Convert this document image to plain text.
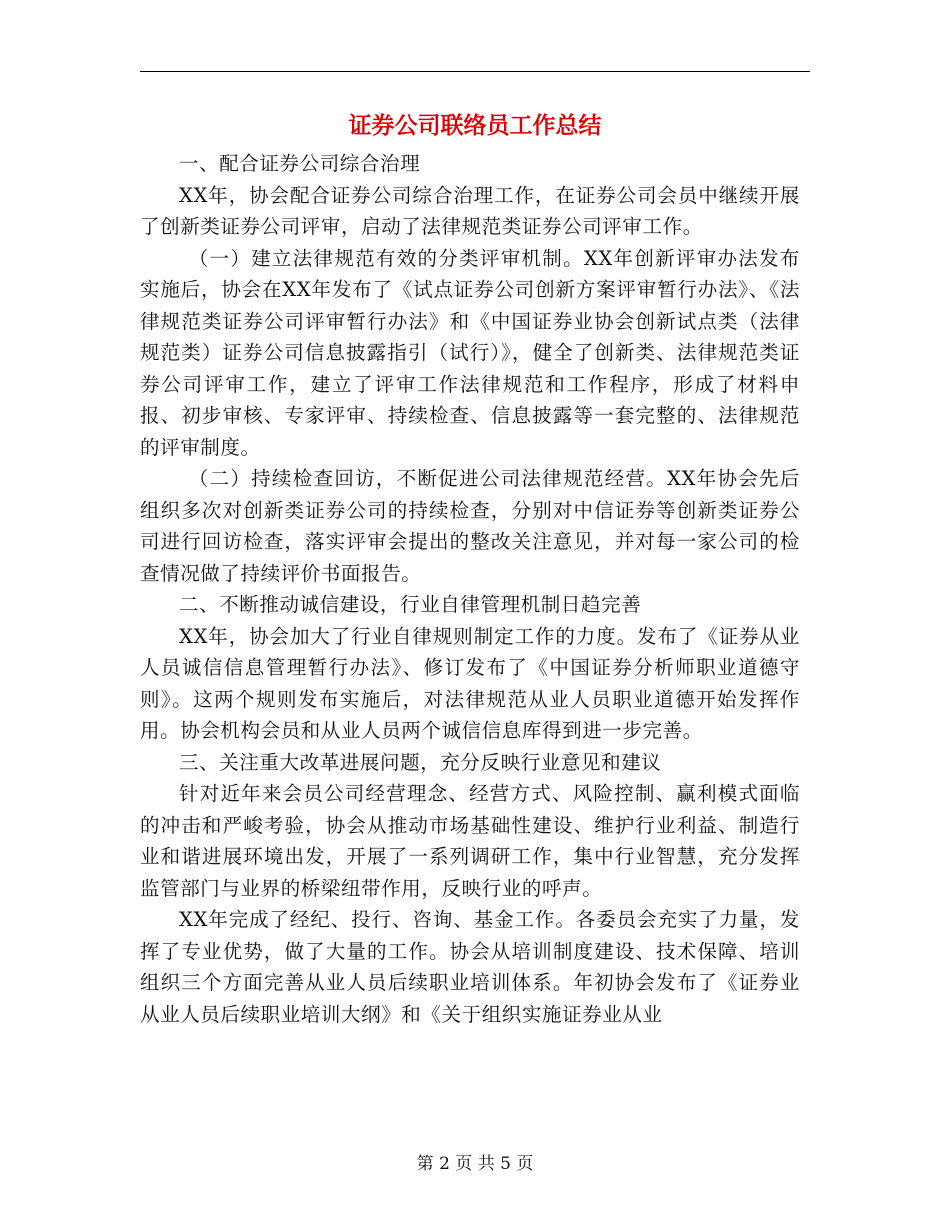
证券公司联络员工作总结

一、配合证券公司综合治理

XX年，协会配合证券公司综合治理工作，在证券公司会员中继续开展了创新类证券公司评审，启动了法律规范类证券公司评审工作。

（一）建立法律规范有效的分类评审机制。XX年创新评审办法发布实施后，协会在XX年发布了《试点证券公司创新方案评审暂行办法》、《法律规范类证券公司评审暂行办法》和《中国证券业协会创新试点类（法律规范类）证券公司信息披露指引（试行）》，健全了创新类、法律规范类证券公司评审工作，建立了评审工作法律规范和工作程序，形成了材料申报、初步审核、专家评审、持续检查、信息披露等一套完整的、法律规范的评审制度。

（二）持续检查回访，不断促进公司法律规范经营。XX年协会先后组织多次对创新类证券公司的持续检查，分别对中信证券等创新类证券公司进行回访检查，落实评审会提出的整改关注意见，并对每一家公司的检查情况做了持续评价书面报告。

二、不断推动诚信建设，行业自律管理机制日趋完善

XX年，协会加大了行业自律规则制定工作的力度。发布了《证券从业人员诚信信息管理暂行办法》、修订发布了《中国证券分析师职业道德守则》。这两个规则发布实施后，对法律规范从业人员职业道德开始发挥作用。协会机构会员和从业人员两个诚信信息库得到进一步完善。

三、关注重大改革进展问题，充分反映行业意见和建议

针对近年来会员公司经营理念、经营方式、风险控制、赢利模式面临的冲击和严峻考验，协会从推动市场基础性建设、维护行业利益、制造行业和谐进展环境出发，开展了一系列调研工作，集中行业智慧，充分发挥监管部门与业界的桥梁纽带作用，反映行业的呼声。

XX年完成了经纪、投行、咨询、基金工作。各委员会充实了力量，发挥了专业优势，做了大量的工作。协会从培训制度建设、技术保障、培训组织三个方面完善从业人员后续职业培训体系。年初协会发布了《证券业从业人员后续职业培训大纲》和《关于组织实施证券业从业

第 2 页 共 5 页
